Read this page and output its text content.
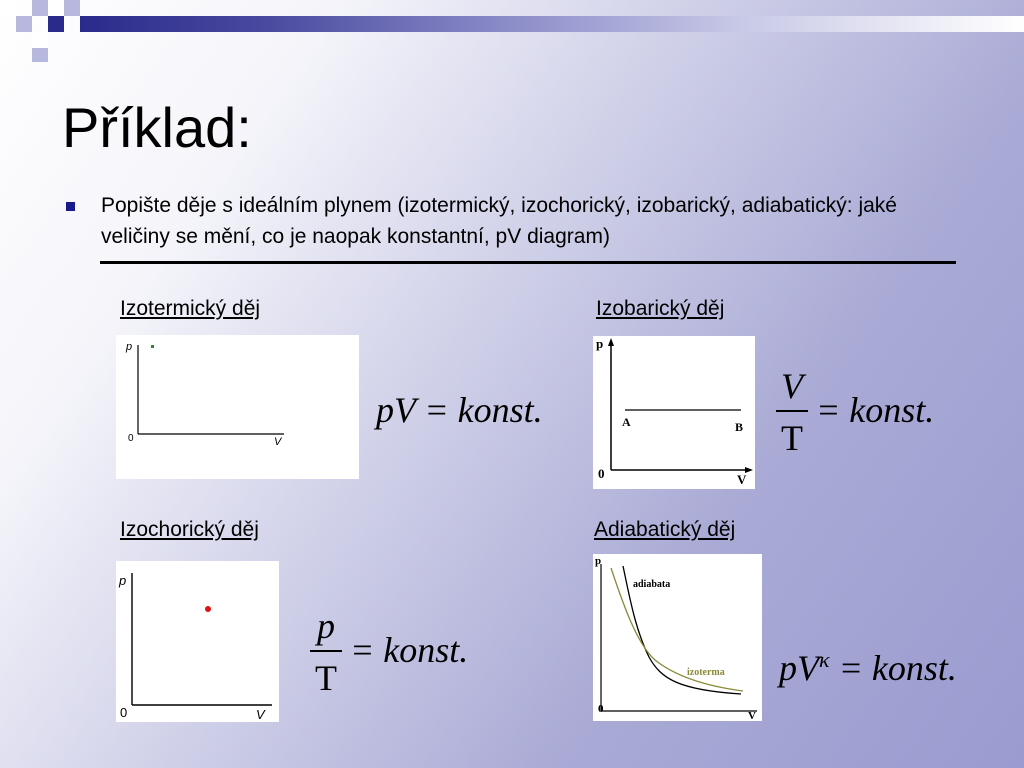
Příklad:
Popište děje s ideálním plynem (izotermický, izochorický, izobarický, adiabatický: jaké veličiny se mění, co je naopak konstantní, pV diagram)
Izotermický děj
p
V
0
pV = konst.
Izobarický děj
p
V
0
A	B
V
T
= konst.
Izochorický děj
p
V
0
p
T
= konst.
Adiabatický děj
p
V
0
adiabata
izoterma $pV^\kappa$ = konst.
